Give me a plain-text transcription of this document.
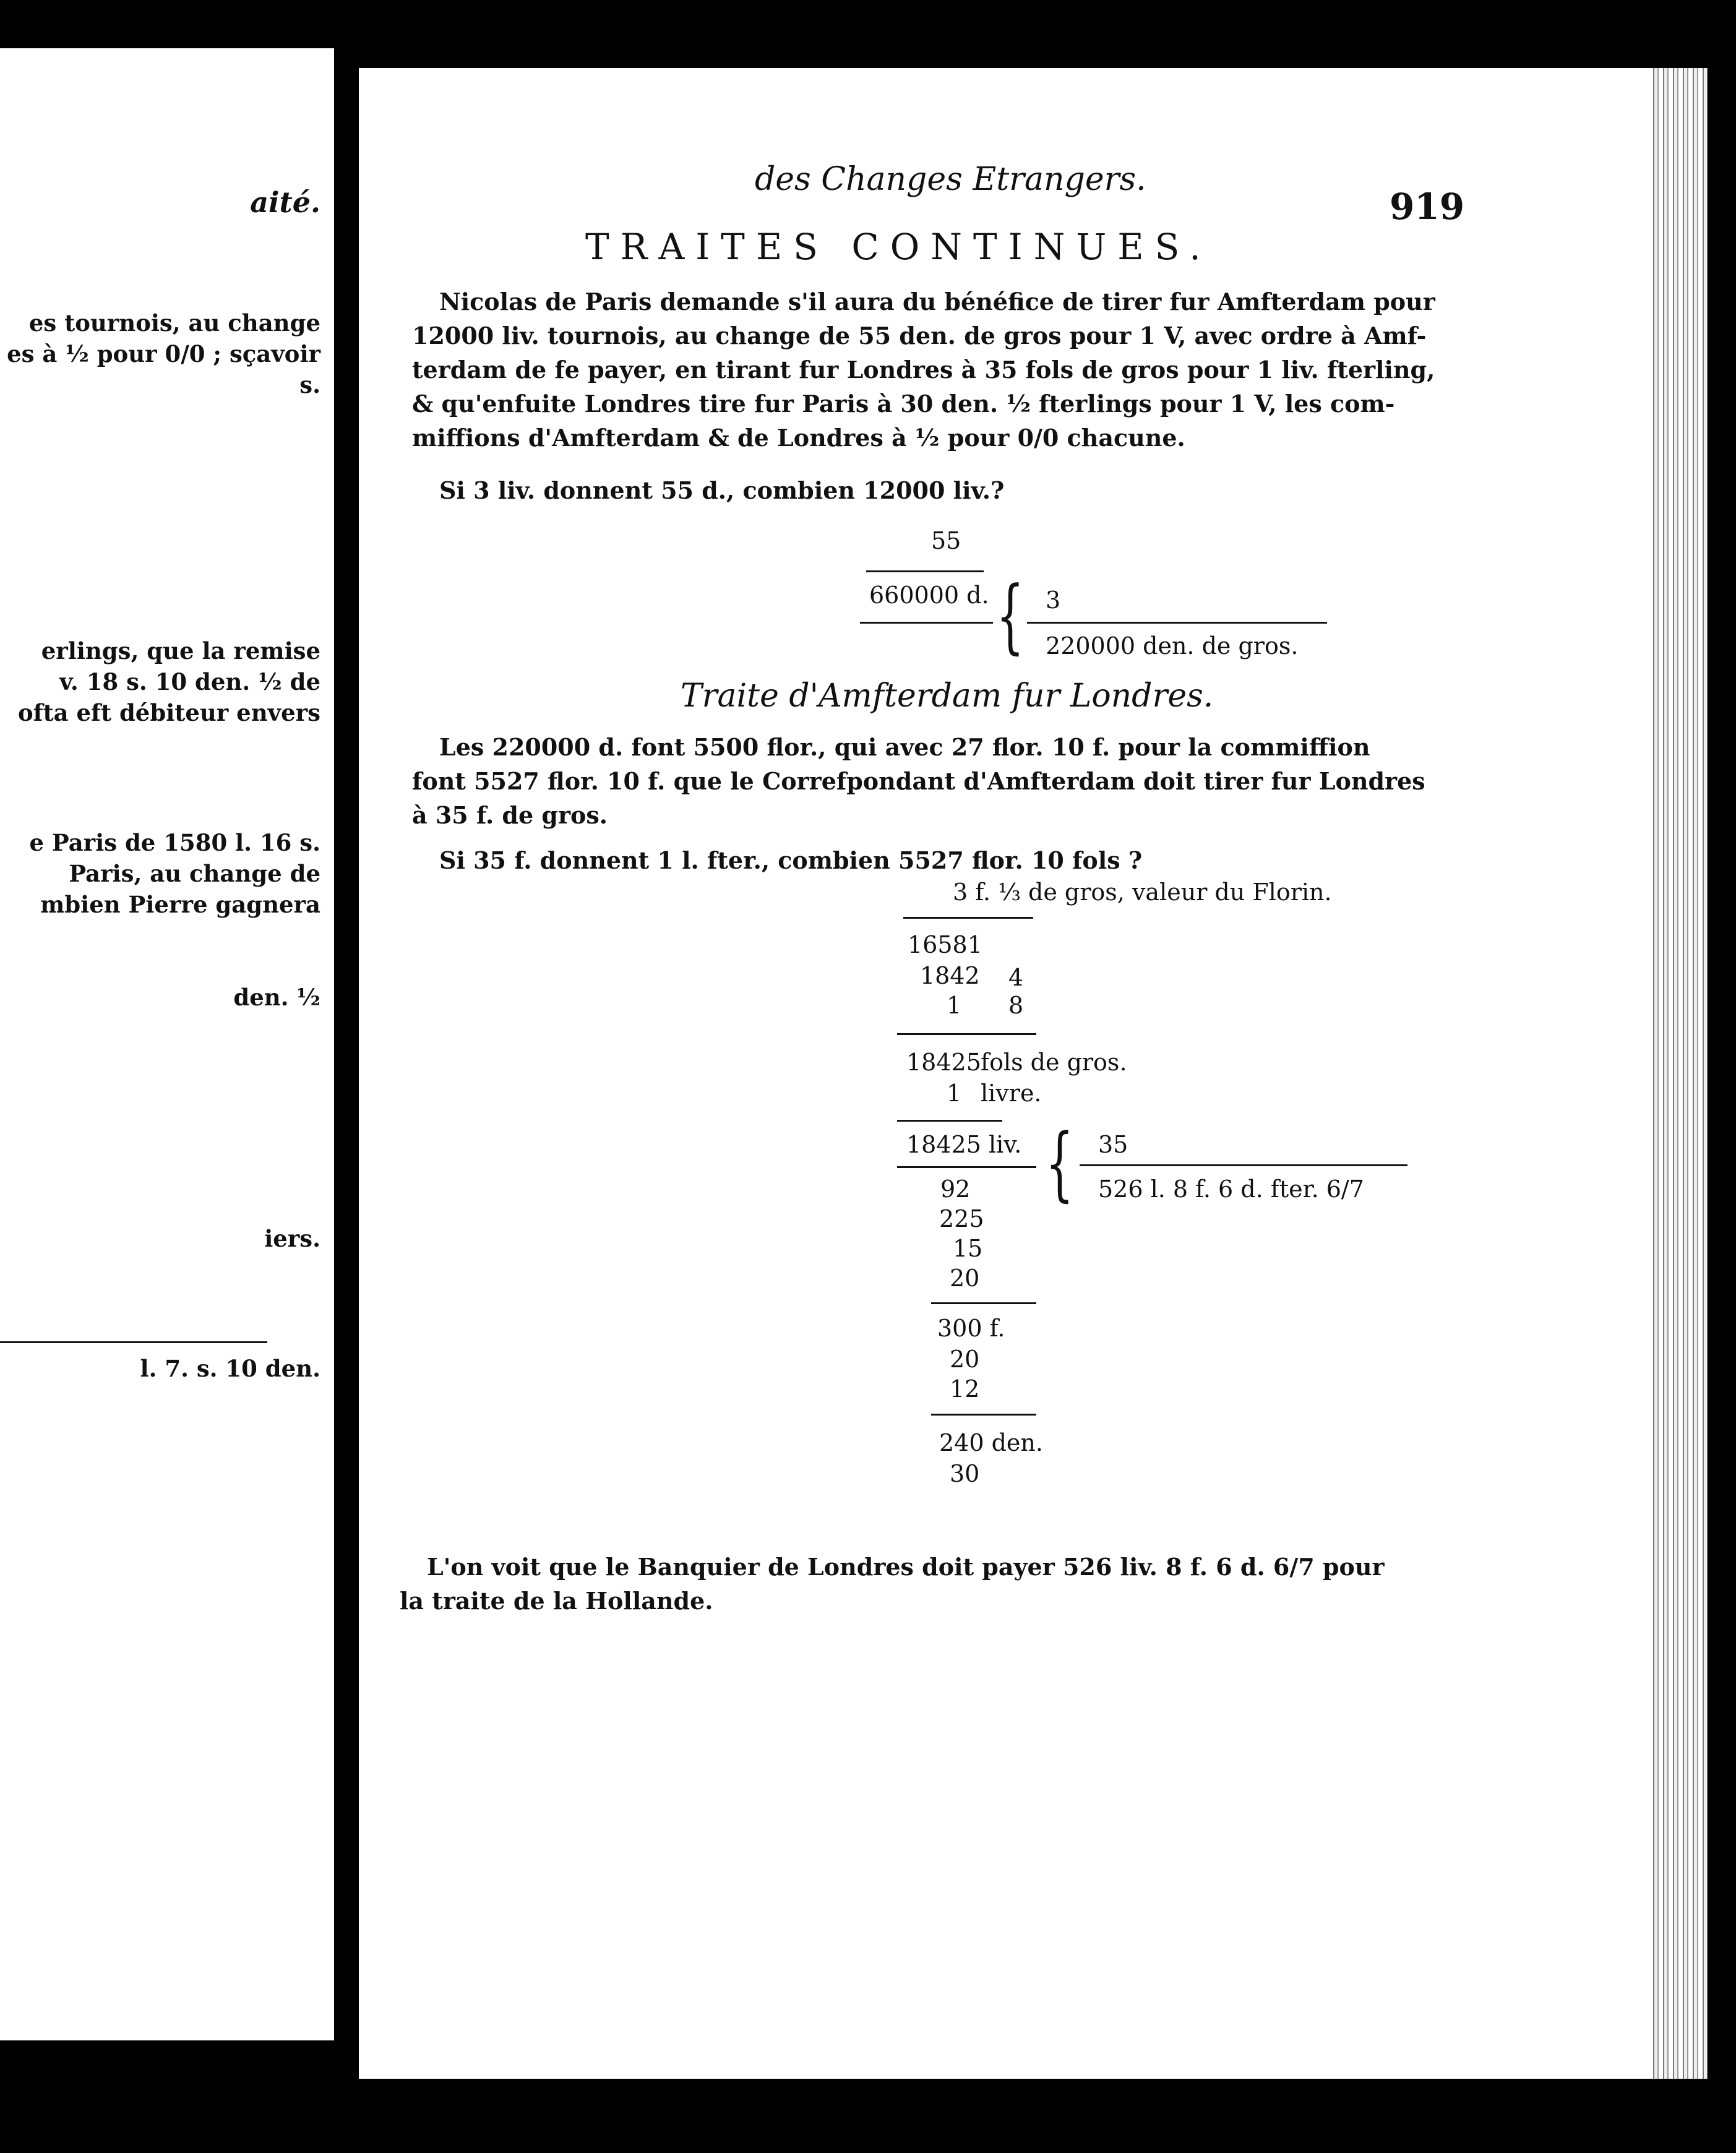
aité.
es tournois, au change
es à ½ pour 0/0 ; sçavoir
s.
erlings, que la remise
v. 18 s. 10 den. ½ de
ofta eft débiteur envers
e Paris de 1580 l. 16 s.
Paris, au change de
mbien Pierre gagnera
den. ½
iers.
l. 7. s. 10 den.
des Changes Etrangers.
919
TRAITES CONTINUES.
Nicolas de Paris demande s'il aura du bénéfice de tirer fur Amfterdam pour
12000 liv. tournois, au change de 55 den. de gros pour 1 V, avec ordre à Amf-
terdam de fe payer, en tirant fur Londres à 35 fols de gros pour 1 liv. fterling,
& qu'enfuite Londres tire fur Paris à 30 den. ½ fterlings pour 1 V, les com-
miffions d'Amfterdam & de Londres à ½ pour 0/0 chacune.
Si 3 liv. donnent 55 d., combien 12000 liv.?
55
660000 d. { 3
220000 den. de gros.
Traite d'Amfterdam fur Londres.
Les 220000 d. font 5500 flor., qui avec 27 flor. 10 f. pour la commiffion
font 5527 flor. 10 f. que le Correfpondant d'Amfterdam doit tirer fur Londres
à 35 f. de gros.
Si 35 f. donnent 1 l. fter., combien 5527 flor. 10 fols ?
3 f. ⅓ de gros, valeur du Florin.
16581
1842 4
1 8
18425 fols de gros.
1 livre.
18425 liv. { 35
526 l. 8 f. 6 d. fter. 6/7
92
225
15
20
300 f.
20
12
240 den.
30
L'on voit que le Banquier de Londres doit payer 526 liv. 8 f. 6 d. 6/7 pour
la traite de la Hollande.
